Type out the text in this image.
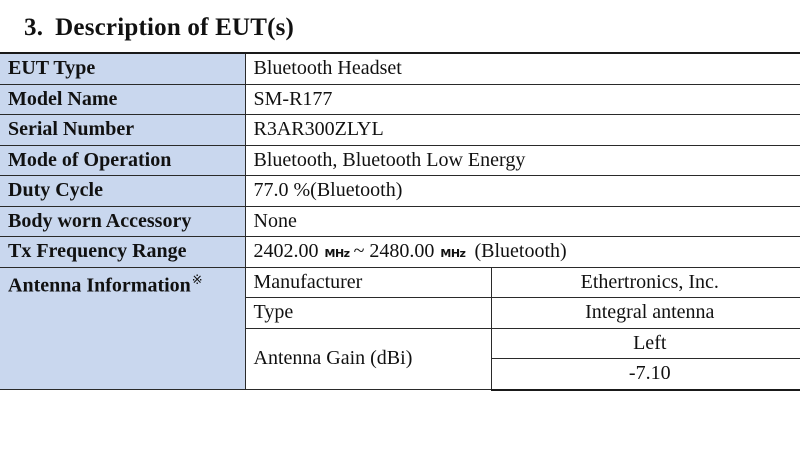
3. Description of EUT(s)
EUT Type	Bluetooth Headset	
Model Name	SM-R177	
Serial Number	R3AR300ZLYL	
Mode of Operation	Bluetooth, Bluetooth Low Energy	
Duty Cycle	77.0 %(Bluetooth)	
Body worn Accessory	None	
Tx Frequency Range	2402.00 MHz ~ 2480.00 MHz (Bluetooth)	
Antenna Information※	Manufacturer	Ethertronics, Inc.
	Type	Integral antenna
	Antenna Gain (dBi)	Left
		-7.10
